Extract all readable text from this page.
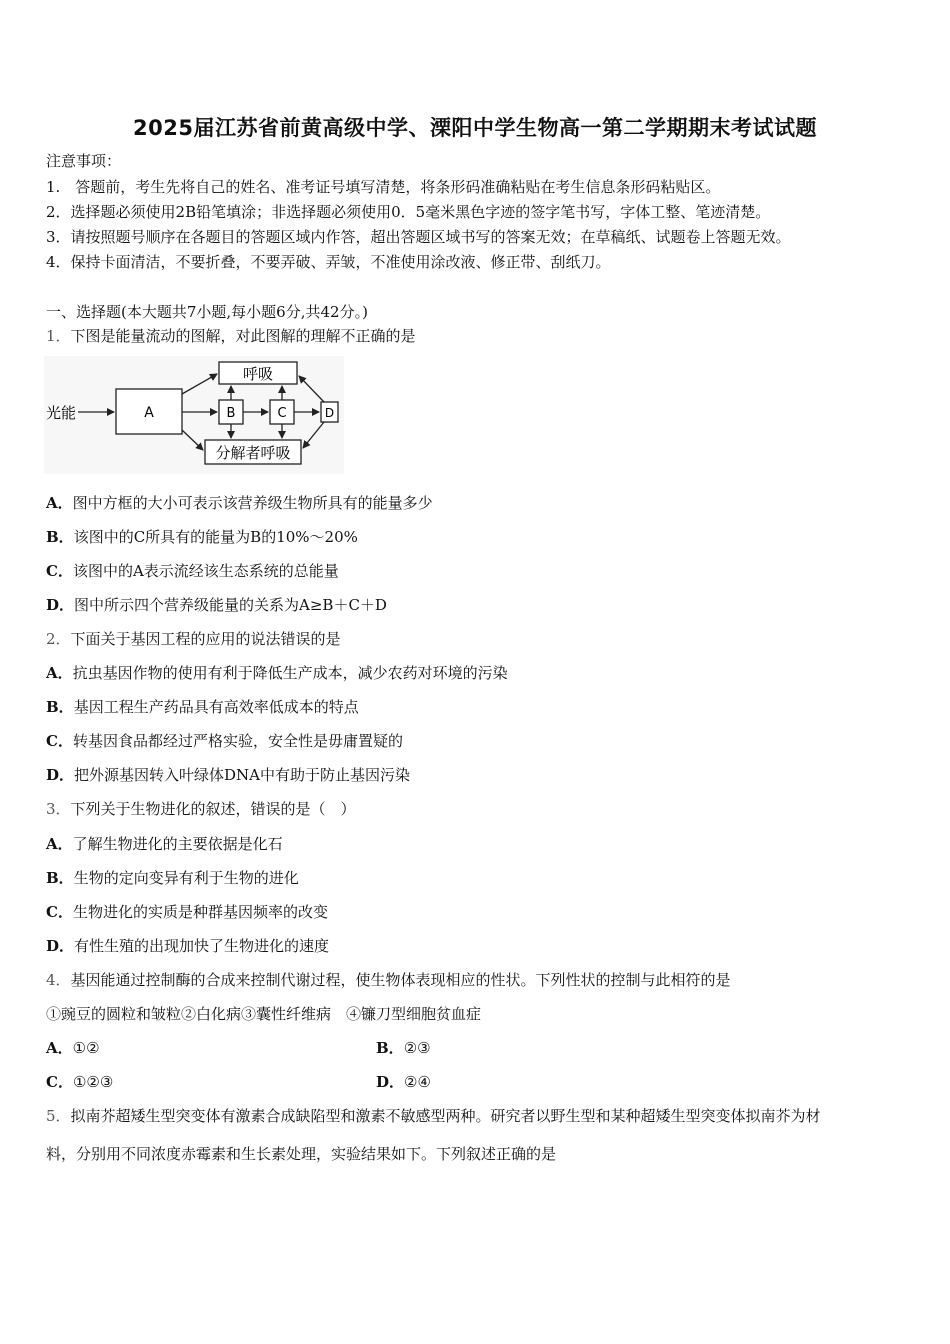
2025届江苏省前黄高级中学、溧阳中学生物高一第二学期期末考试试题
注意事项：
1.　答题前，考生先将自己的姓名、准考证号填写清楚，将条形码准确粘贴在考生信息条形码粘贴区。
2．选择题必须使用2B铅笔填涂；非选择题必须使用0．5毫米黑色字迹的签字笔书写，字体工整、笔迹清楚。
3．请按照题号顺序在各题目的答题区域内作答，超出答题区域书写的答案无效；在草稿纸、试题卷上答题无效。
4．保持卡面清洁，不要折叠，不要弄破、弄皱，不准使用涂改液、修正带、刮纸刀。
一、选择题(本大题共7小题,每小题6分,共42分。)
1．下图是能量流动的图解，对此图解的理解不正确的是
光能	A
呼吸
分解者呼吸
B	C	D
A．图中方框的大小可表示该营养级生物所具有的能量多少
B．该图中的C所具有的能量为B的10%～20%
C．该图中的A表示流经该生态系统的总能量
D．图中所示四个营养级能量的关系为A≥B＋C＋D
2．下面关于基因工程的应用的说法错误的是
A．抗虫基因作物的使用有利于降低生产成本，减少农药对环境的污染
B．基因工程生产药品具有高效率低成本的特点
C．转基因食品都经过严格实验，安全性是毋庸置疑的
D．把外源基因转入叶绿体DNA中有助于防止基因污染
3．下列关于生物进化的叙述，错误的是（　）
A．了解生物进化的主要依据是化石
B．生物的定向变异有利于生物的进化
C．生物进化的实质是种群基因频率的改变
D．有性生殖的出现加快了生物进化的速度
4．基因能通过控制酶的合成来控制代谢过程，使生物体表现相应的性状。下列性状的控制与此相符的是
①豌豆的圆粒和皱粒②白化病③囊性纤维病　④镰刀型细胞贫血症
A．①②	B．②③
C．①②③	D．②④
5．拟南芥超矮生型突变体有激素合成缺陷型和激素不敏感型两种。研究者以野生型和某种超矮生型突变体拟南芥为材
料，分别用不同浓度赤霉素和生长素处理，实验结果如下。下列叙述正确的是
